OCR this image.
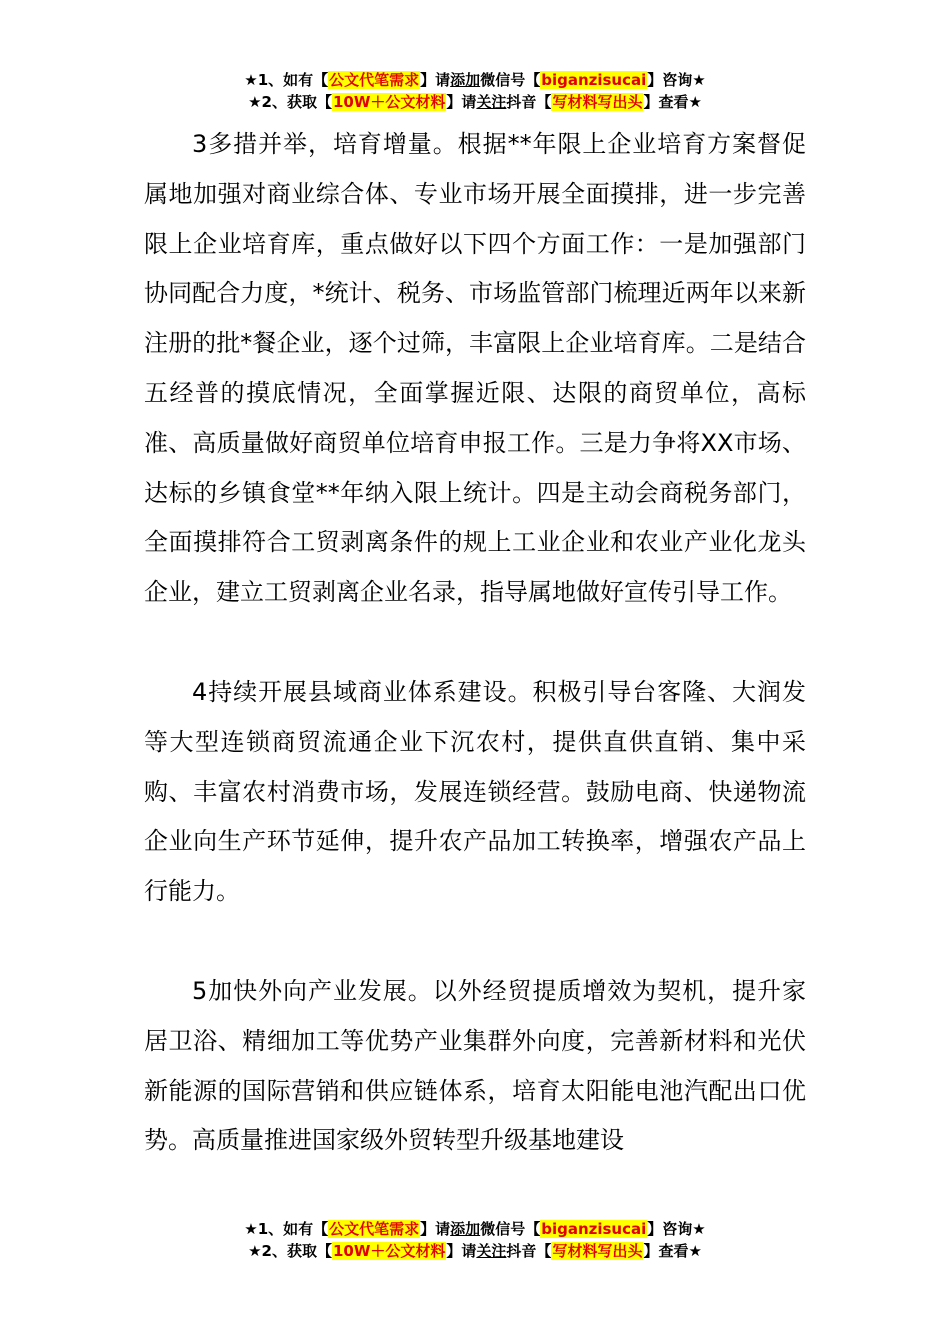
★1、如有【公文代笔需求】请添加微信号【biganzisucai】咨询★
★2、获取【10W＋公文材料】请关注抖音【写材料写出头】查看★

3多措并举，培育增量。根据**年限上企业培育方案督促属地加强对商业综合体、专业市场开展全面摸排，进一步完善限上企业培育库，重点做好以下四个方面工作：一是加强部门协同配合力度，*统计、税务、市场监管部门梳理近两年以来新注册的批*餐企业，逐个过筛，丰富限上企业培育库。二是结合五经普的摸底情况，全面掌握近限、达限的商贸单位，高标准、高质量做好商贸单位培育申报工作。三是力争将XX市场、达标的乡镇食堂**年纳入限上统计。四是主动会商税务部门，全面摸排符合工贸剥离条件的规上工业企业和农业产业化龙头企业，建立工贸剥离企业名录，指导属地做好宣传引导工作。

4持续开展县域商业体系建设。积极引导台客隆、大润发等大型连锁商贸流通企业下沉农村，提供直供直销、集中采购、丰富农村消费市场，发展连锁经营。鼓励电商、快递物流企业向生产环节延伸，提升农产品加工转换率，增强农产品上行能力。

5加快外向产业发展。以外经贸提质增效为契机，提升家居卫浴、精细加工等优势产业集群外向度，完善新材料和光伏新能源的国际营销和供应链体系，培育太阳能电池汽配出口优势。高质量推进国家级外贸转型升级基地建设

★1、如有【公文代笔需求】请添加微信号【biganzisucai】咨询★
★2、获取【10W＋公文材料】请关注抖音【写材料写出头】查看★
